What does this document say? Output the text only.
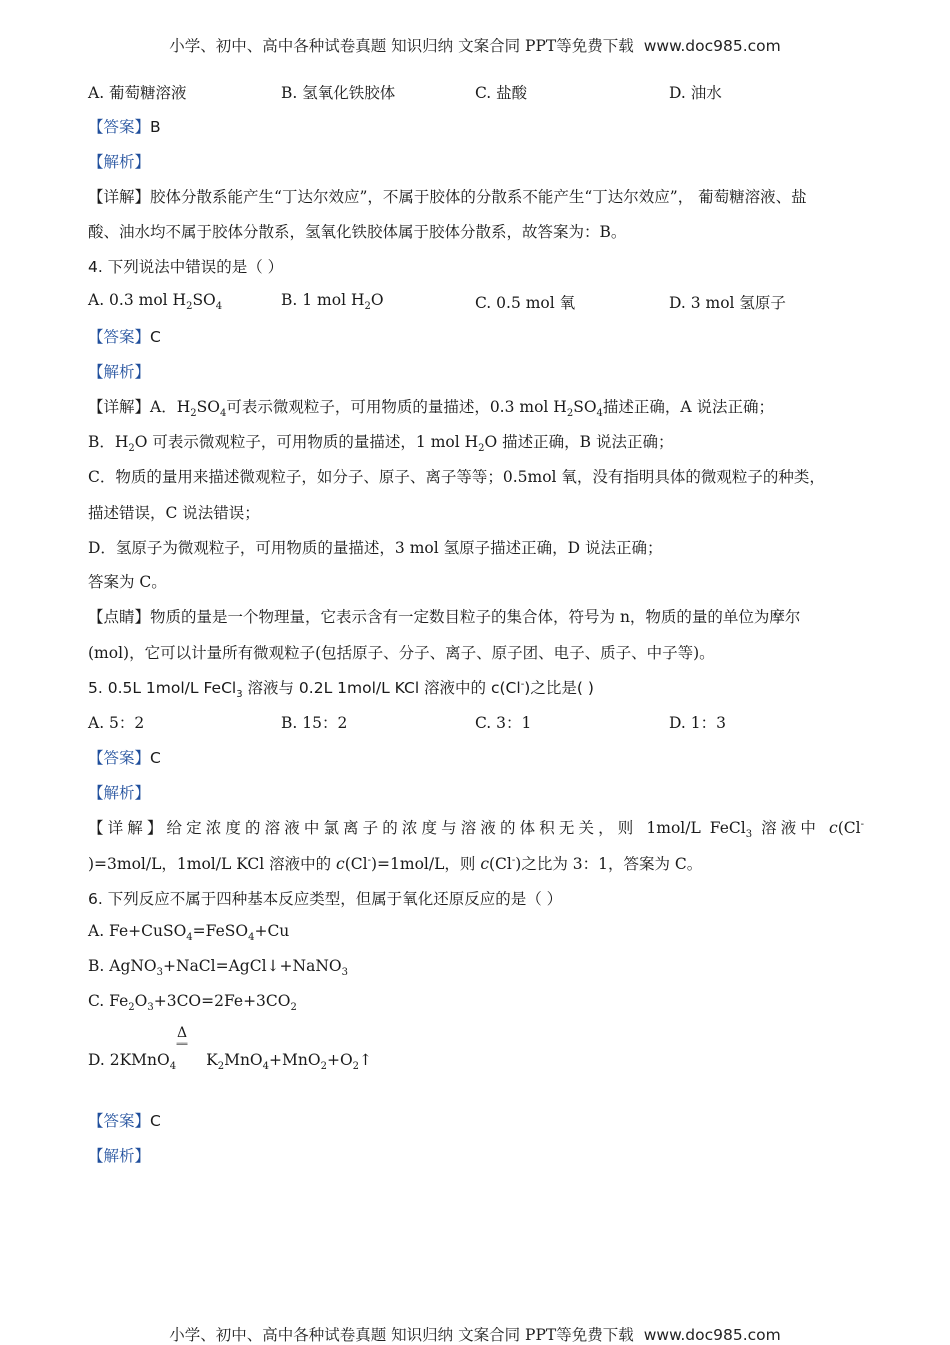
小学、初中、高中各种试卷真题 知识归纳 文案合同 PPT等免费下载 www.doc985.com
A. 葡萄糖溶液	B. 氢氧化铁胶体	C. 盐酸	D. 油水
【答案】B
【解析】
【详解】胶体分散系能产生“丁达尔效应”，不属于胶体的分散系不能产生“丁达尔效应”， 葡萄糖溶液、盐
酸、油水均不属于胶体分散系，氢氧化铁胶体属于胶体分散系，故答案为：B。
4. 下列说法中错误的是（ ）
A. 0.3 mol $H_2SO_4$	B. 1 mol $H_2O$	C. 0.5 mol 氧	D. 3 mol 氢原子
【答案】C
【解析】
【详解】A．$H_2SO_4$可表示微观粒子，可用物质的量描述，0.3 mol $H_2SO_4$描述正确，A 说法正确；
B．$H_2O$ 可表示微观粒子，可用物质的量描述，1 mol $H_2O$ 描述正确，B 说法正确；
C．物质的量用来描述微观粒子，如分子、原子、离子等等；0.5mol 氧，没有指明具体的微观粒子的种类，
描述错误，C 说法错误；
D．氢原子为微观粒子，可用物质的量描述，3 mol 氢原子描述正确，D 说法正确；
答案为 C。
【点睛】物质的量是一个物理量，它表示含有一定数目粒子的集合体，符号为 n，物质的量的单位为摩尔
(mol)，它可以计量所有微观粒子(包括原子、分子、离子、原子团、电子、质子、中子等)。
5. 0.5L 1mol/L FeCl$_3$ 溶液与 0.2L 1mol/L KCl 溶液中的 c(Cl-)之比是( )
A. 5：2	B. 15：2	C. 3：1	D. 1：3
【答案】C
【解析】
【详解】给定浓度的溶液中氯离子的浓度与溶液的体积无关，则 1mol/L FeCl$_3$ 溶液中 c(Cl-
)=3mol/L，1mol/L KCl 溶液中的 c(Cl-)=1mol/L，则 c(Cl-)之比为 3：1，答案为 C。
6. 下列反应不属于四种基本反应类型，但属于氧化还原反应的是（ ）
A. Fe+CuSO$_4$=FeSO$_4$+Cu
B. AgNO$_3$+NaCl=AgCl↓+NaNO$_3$
C. $Fe_2O_3+3CO=2Fe+3CO_2$
Δ
══
D. 2KMnO$_4$ $K_2MnO_4+MnO_2+O_2↑$
【答案】C
【解析】
小学、初中、高中各种试卷真题 知识归纳 文案合同 PPT等免费下载 www.doc985.com
